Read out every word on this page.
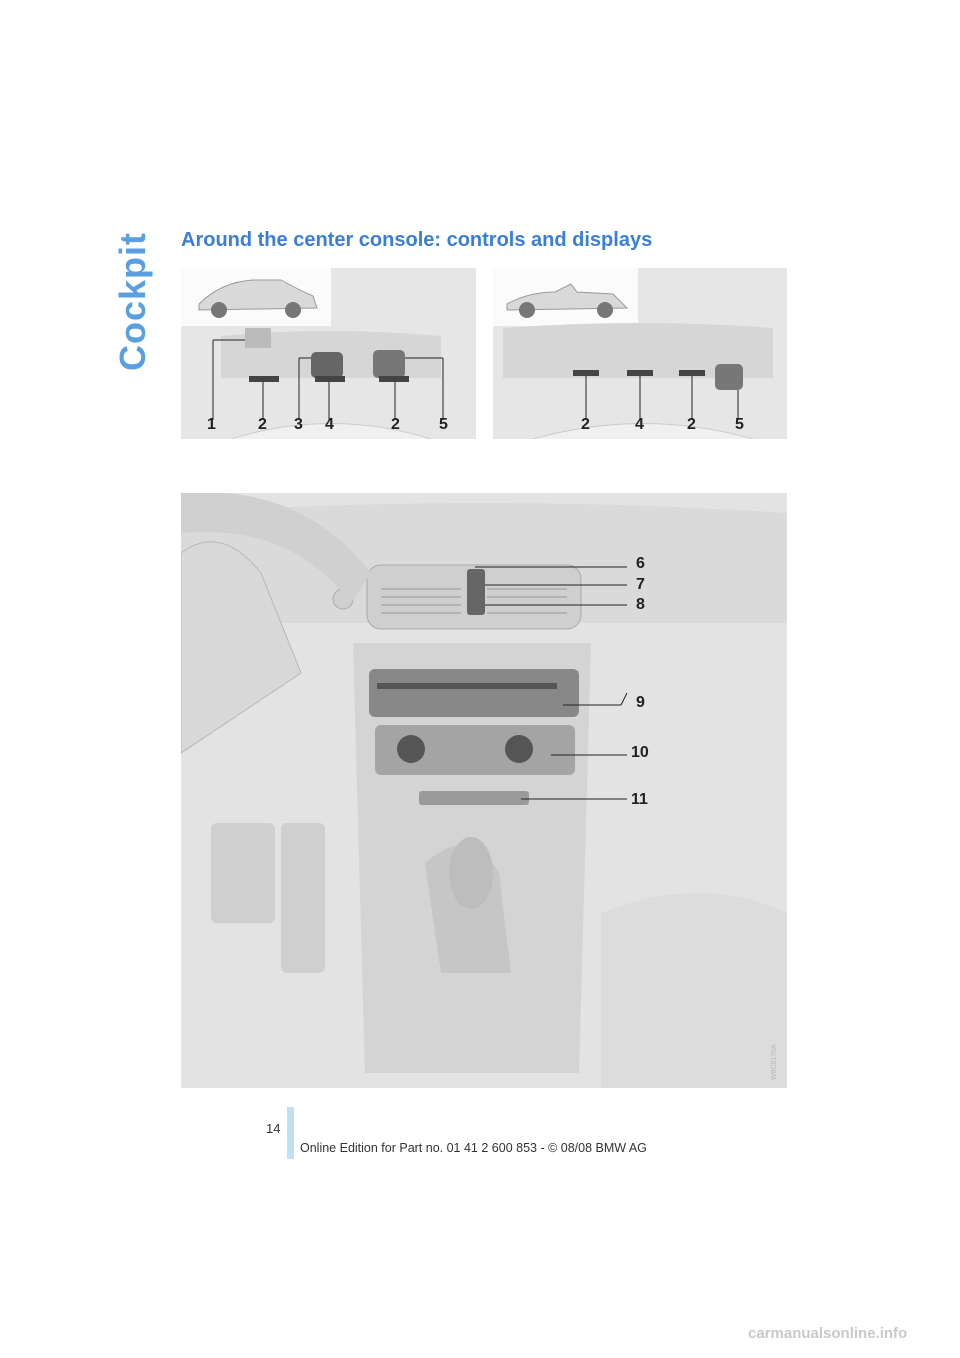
Cockpit Around the center console: controls and displays
1	2 3 4	2 5	2	4	2 5
6
7
8
9
10
11
W8C0170A
14
Online Edition for Part no. 01 41 2 600 853 - © 08/08 BMW AG
carmanualsonline.info
